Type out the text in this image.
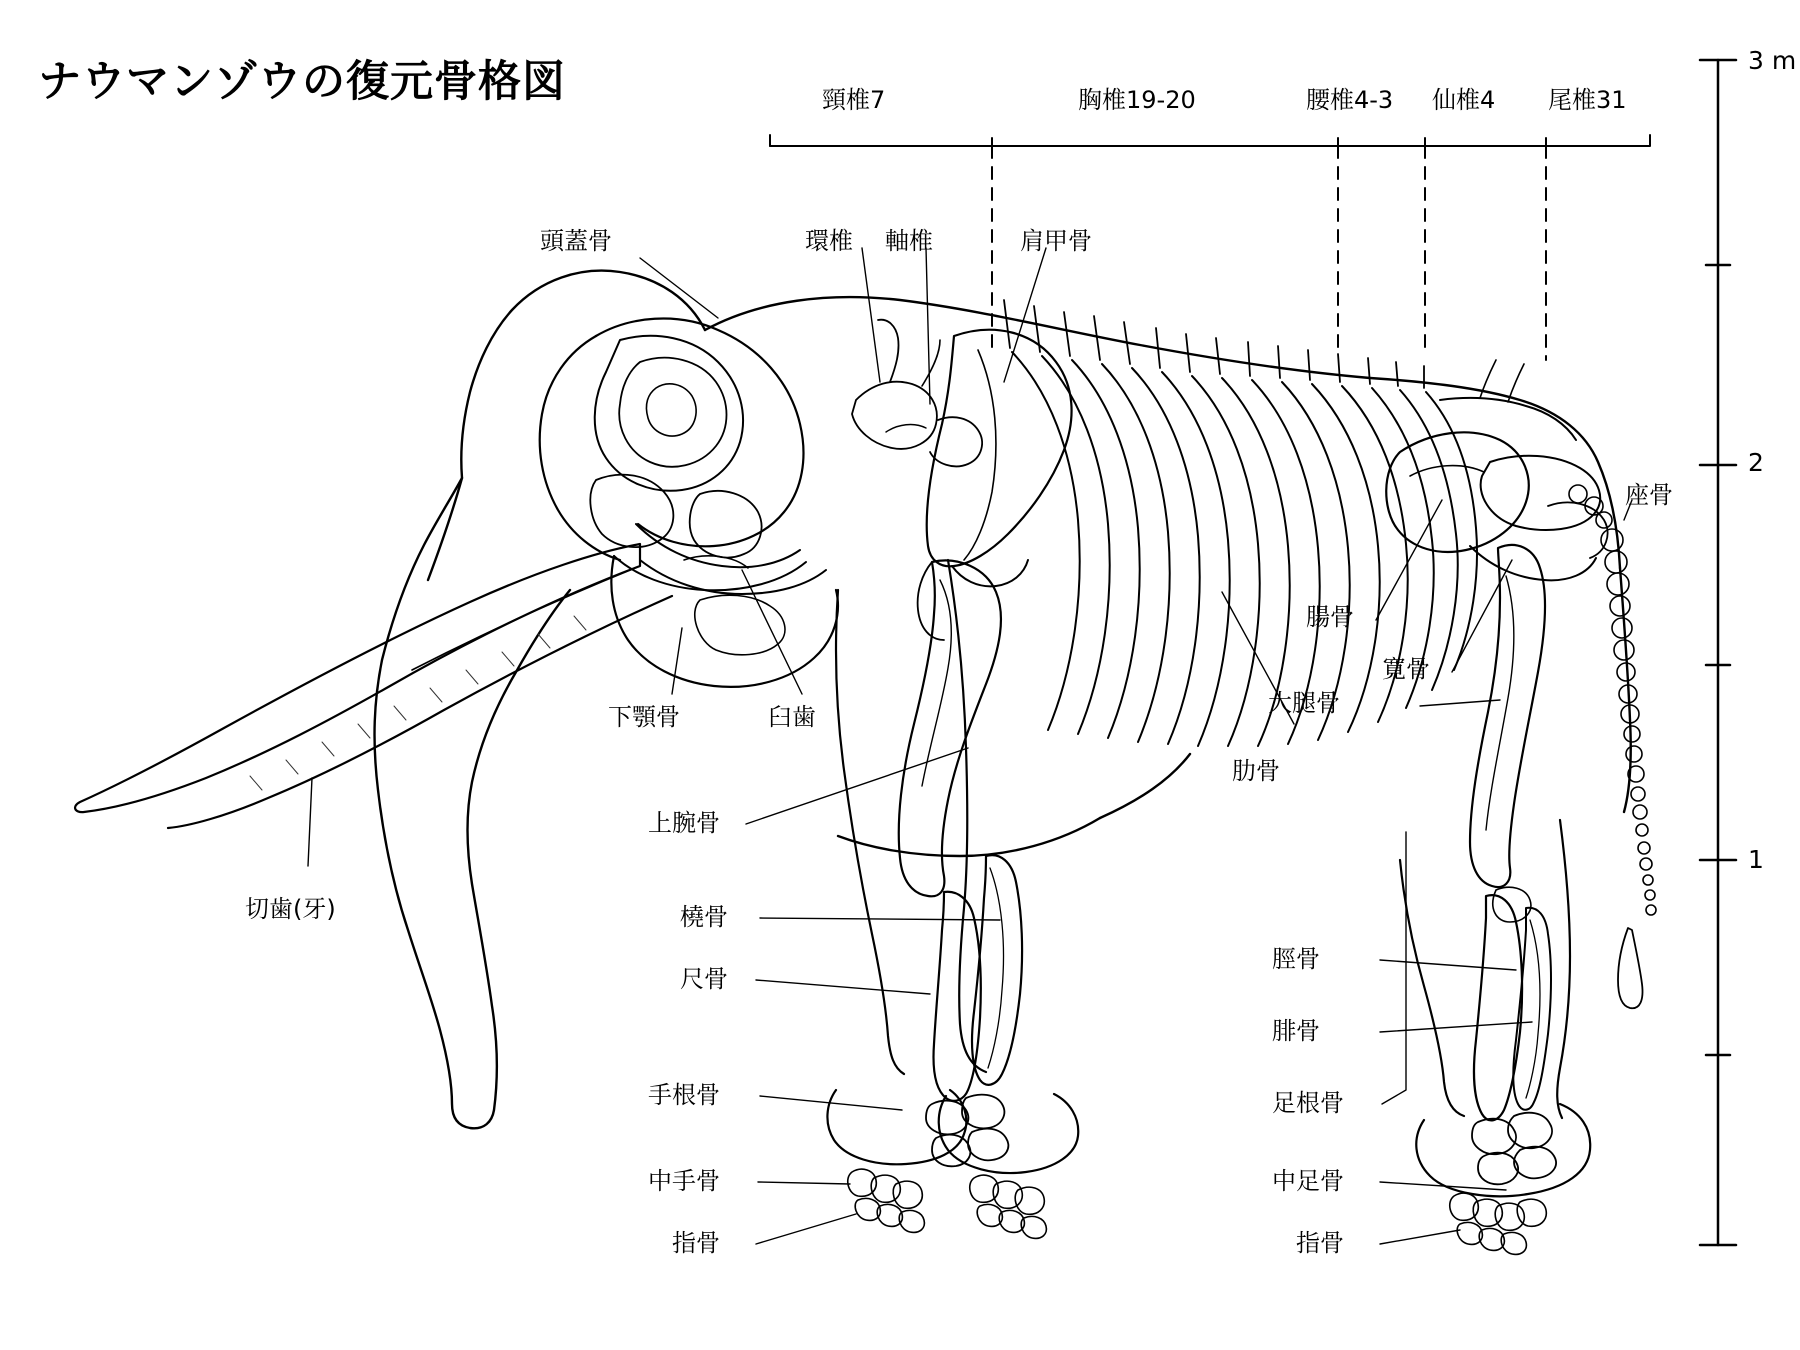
ナウマンゾウの復元骨格図	頸椎7	胸椎19-20	腰椎4-3 仙椎4 尾椎31
3 m
2
1
頭蓋骨	環椎 軸椎	肩甲骨
座骨
腸骨
寛骨
大腿骨
肋骨
下顎骨	臼歯
切歯(牙)
上腕骨
橈骨
尺骨
手根骨
中手骨
指骨
脛骨
腓骨
足根骨
中足骨
指骨
